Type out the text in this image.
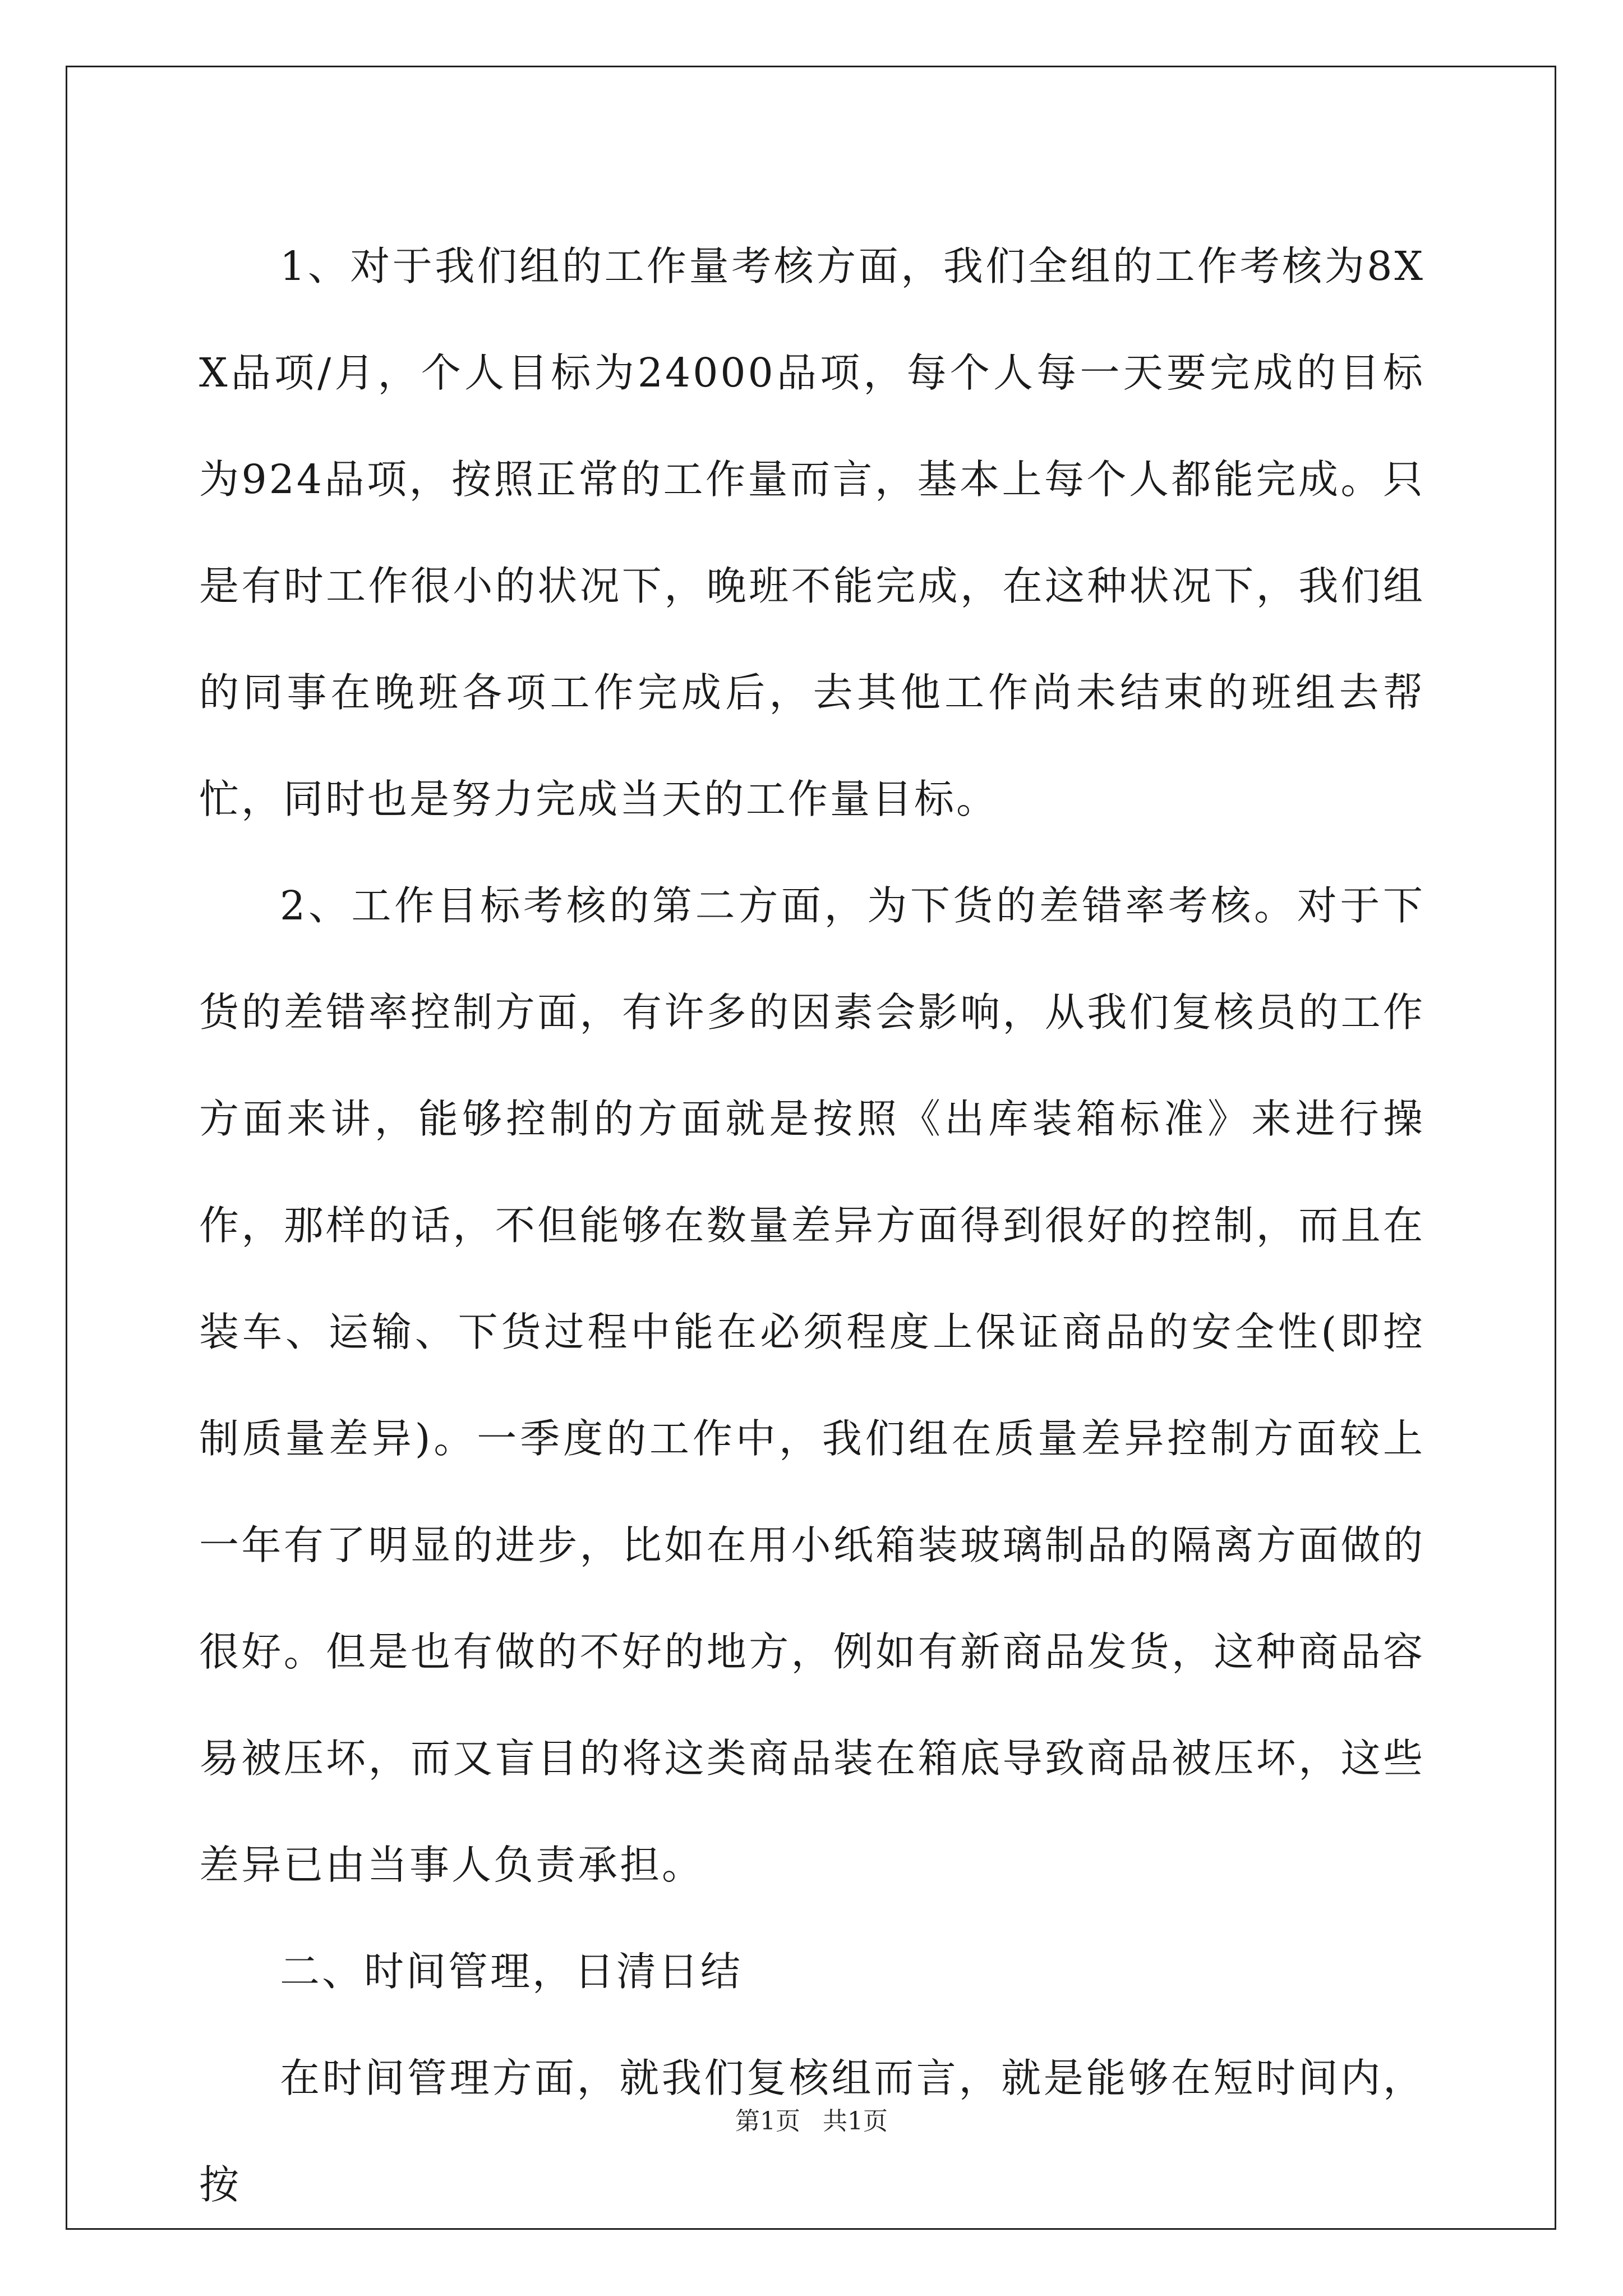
1、对于我们组的工作量考核方面，我们全组的工作考核为8XX品项/月，个人目标为24000品项，每个人每一天要完成的目标为924品项，按照正常的工作量而言，基本上每个人都能完成。只是有时工作很小的状况下，晚班不能完成，在这种状况下，我们组的同事在晚班各项工作完成后，去其他工作尚未结束的班组去帮忙，同时也是努力完成当天的工作量目标。

2、工作目标考核的第二方面，为下货的差错率考核。对于下货的差错率控制方面，有许多的因素会影响，从我们复核员的工作方面来讲，能够控制的方面就是按照《出库装箱标准》来进行操作，那样的话，不但能够在数量差异方面得到很好的控制，而且在装车、运输、下货过程中能在必须程度上保证商品的安全性(即控制质量差异)。一季度的工作中，我们组在质量差异控制方面较上一年有了明显的进步，比如在用小纸箱装玻璃制品的隔离方面做的很好。但是也有做的不好的地方，例如有新商品发货，这种商品容易被压坏，而又盲目的将这类商品装在箱底导致商品被压坏，这些差异已由当事人负责承担。

二、时间管理，日清日结

在时间管理方面，就我们复核组而言，就是能够在短时间内，按

第1页 共1页
